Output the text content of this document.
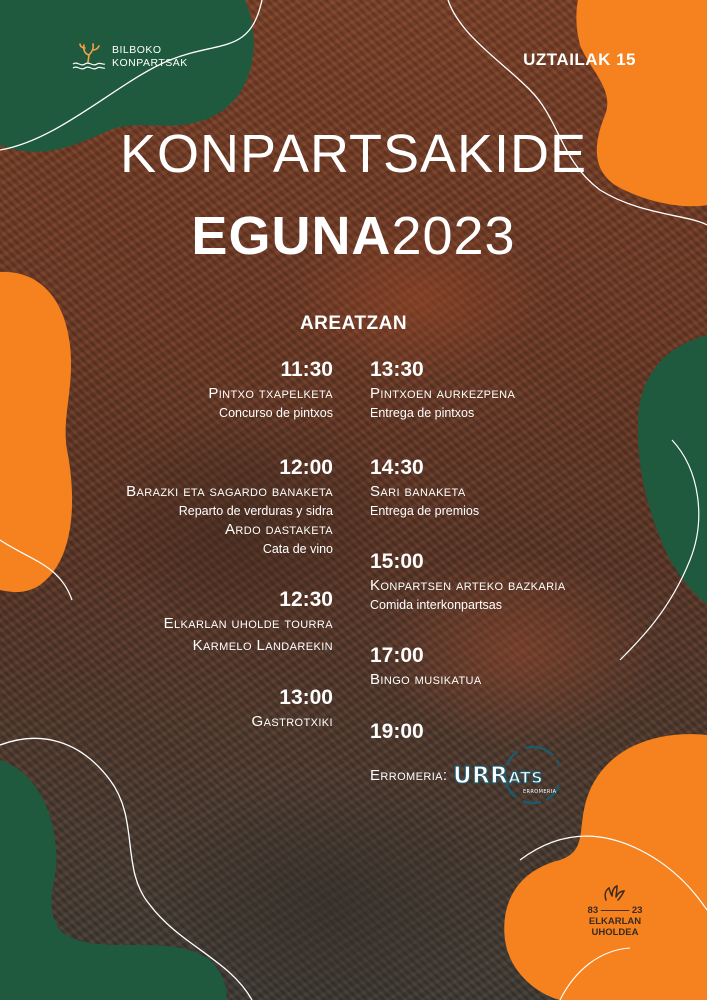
BILBOKO
KONPARTSAK	UZTAILAK 15
KONPARTSAKIDE
EGUNA2023
AREATZAN
11:30
Pintxo txapelketa
Concurso de pintxos
12:00
Barazki eta sagardo banaketa
Reparto de verduras y sidra
Ardo dastaketa
Cata de vino
12:30
Elkarlan uholde tourra
Karmelo Landarekin
13:00
Gastrotxiki
13:30
Pintxoen aurkezpena
Entrega de pintxos
14:30
Sari banaketa
Entrega de premios
15:00
Konpartsen arteko bazkaria
Comida interkonpartsas
17:00
Bingo musikatua
19:00
Erromeria: URRats
erromeria
83 ——— 23
ELKARLAN
UHOLDEA
